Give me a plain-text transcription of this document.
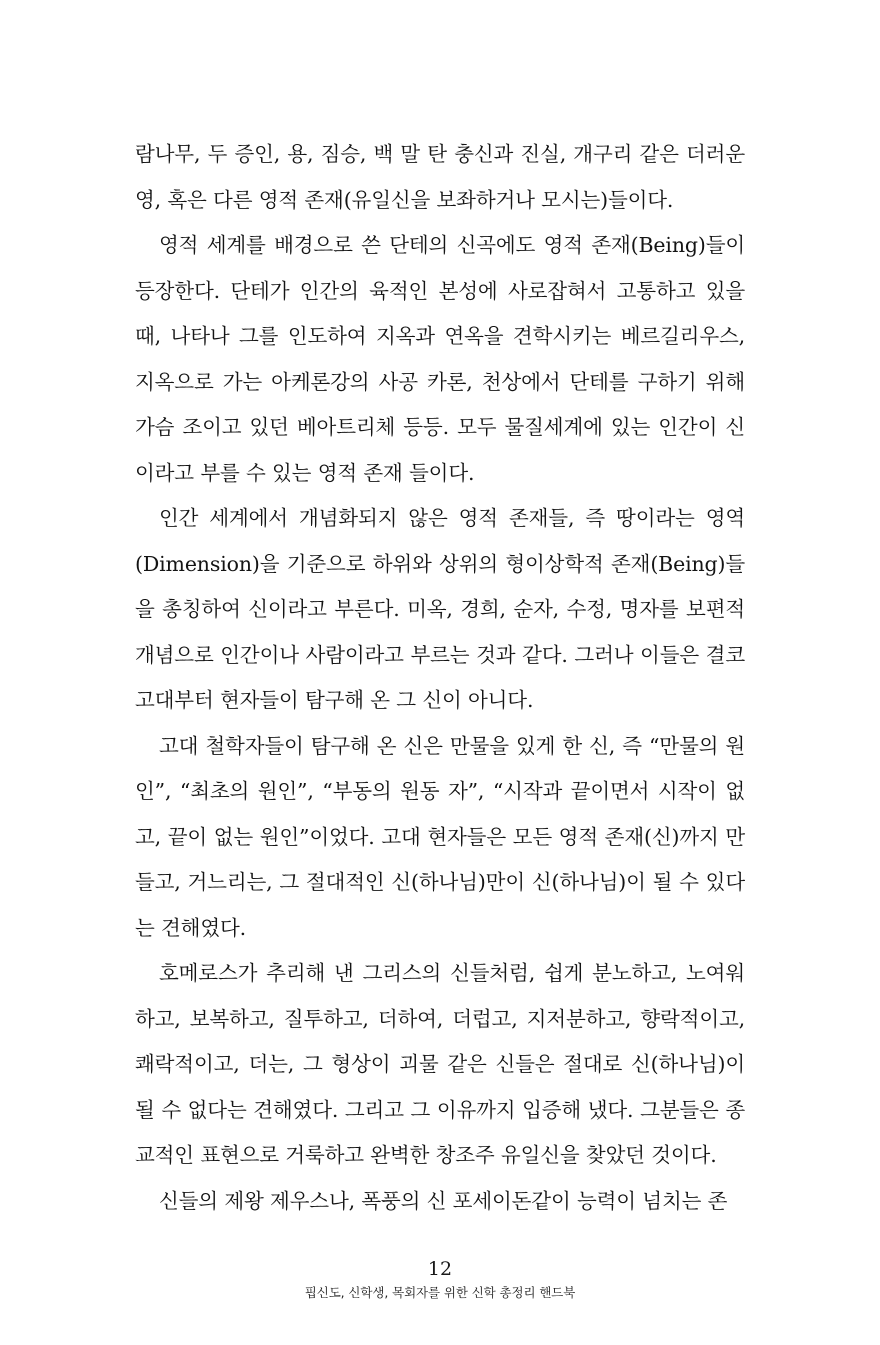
람나무, 두 증인, 용, 짐승, 백 말 탄 충신과 진실, 개구리 같은 더러운 영, 혹은 다른 영적 존재(유일신을 보좌하거나 모시는)들이다.

영적 세계를 배경으로 쓴 단테의 신곡에도 영적 존재(Being)들이 등장한다. 단테가 인간의 육적인 본성에 사로잡혀서 고통하고 있을 때, 나타나 그를 인도하여 지옥과 연옥을 견학시키는 베르길리우스, 지옥으로 가는 아케론강의 사공 카론, 천상에서 단테를 구하기 위해 가슴 조이고 있던 베아트리체 등등. 모두 물질세계에 있는 인간이 신이라고 부를 수 있는 영적 존재 들이다.

인간 세계에서 개념화되지 않은 영적 존재들, 즉 땅이라는 영역(Dimension)을 기준으로 하위와 상위의 형이상학적 존재(Being)들을 총칭하여 신이라고 부른다. 미옥, 경희, 순자, 수정, 명자를 보편적 개념으로 인간이나 사람이라고 부르는 것과 같다. 그러나 이들은 결코 고대부터 현자들이 탐구해 온 그 신이 아니다.

고대 철학자들이 탐구해 온 신은 만물을 있게 한 신, 즉 “만물의 원인”, “최초의 원인”, “부동의 원동 자”, “시작과 끝이면서 시작이 없고, 끝이 없는 원인”이었다. 고대 현자들은 모든 영적 존재(신)까지 만들고, 거느리는, 그 절대적인 신(하나님)만이 신(하나님)이 될 수 있다는 견해였다.

호메로스가 추리해 낸 그리스의 신들처럼, 쉽게 분노하고, 노여워하고, 보복하고, 질투하고, 더하여, 더럽고, 지저분하고, 향락적이고, 쾌락적이고, 더는, 그 형상이 괴물 같은 신들은 절대로 신(하나님)이 될 수 없다는 견해였다. 그리고 그 이유까지 입증해 냈다. 그분들은 종교적인 표현으로 거룩하고 완벽한 창조주 유일신을 찾았던 것이다.

신들의 제왕 제우스나, 폭풍의 신 포세이돈같이 능력이 넘치는 존

12
핍신도, 신학생, 목회자를 위한 신학 총정리 핸드북
